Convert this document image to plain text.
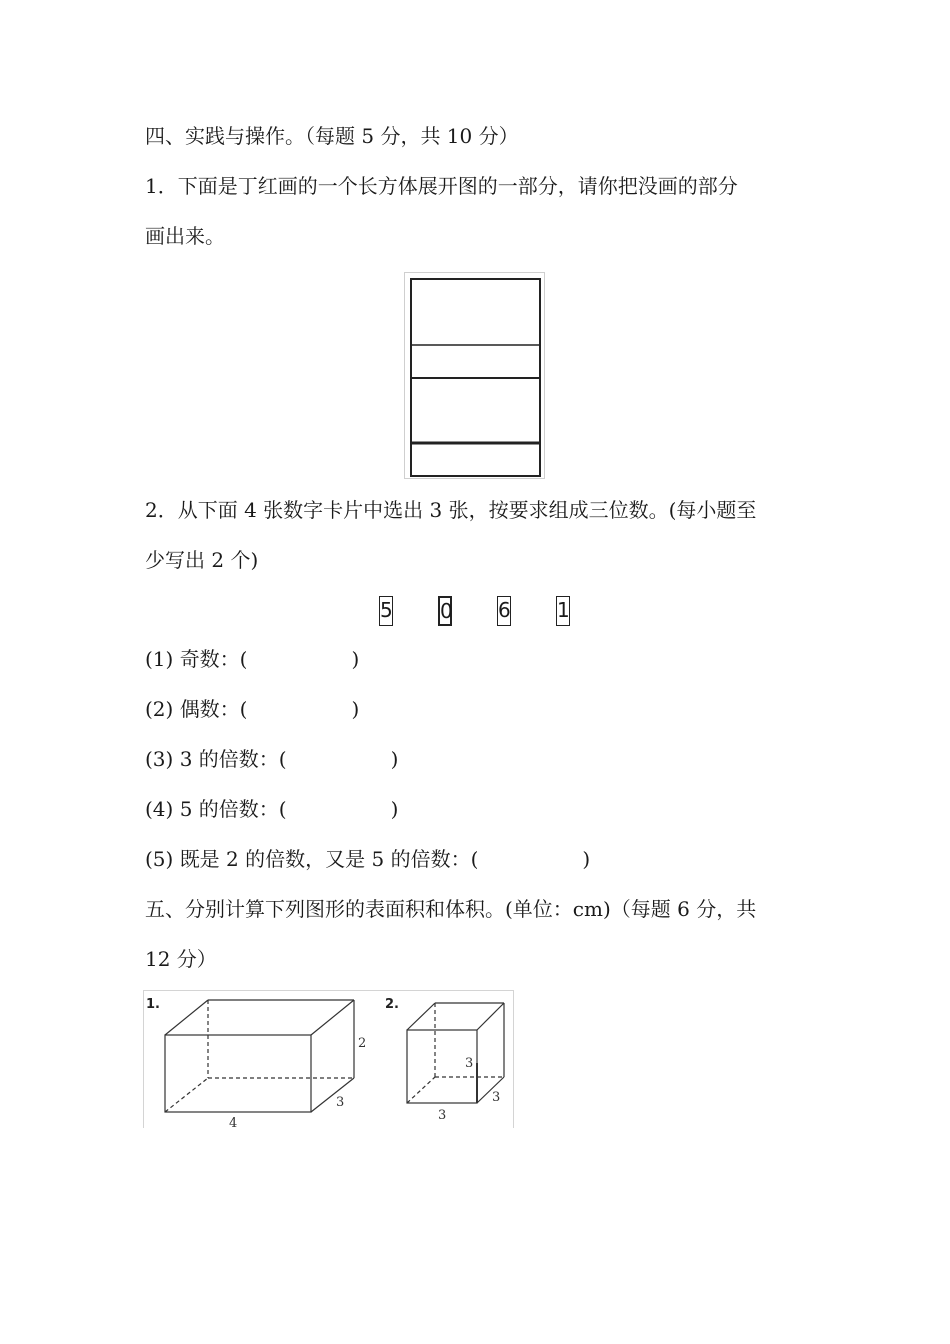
四、实践与操作。（每题 5 分，共 10 分）
1．下面是丁红画的一个长方体展开图的一部分，请你把没画的部分
画出来。
2．从下面 4 张数字卡片中选出 3 张，按要求组成三位数。(每小题至
少写出 2 个)
5 0 6 1
(1) 奇数：(	)
(2) 偶数：(	)
(3) 3 的倍数：(	)
(4) 5 的倍数：(	)
(5) 既是 2 的倍数，又是 5 的倍数：(	)
五、分别计算下列图形的表面积和体积。(单位：cm)（每题 6 分，共
12 分）
1.
2
3
4
2.
3
3
3
